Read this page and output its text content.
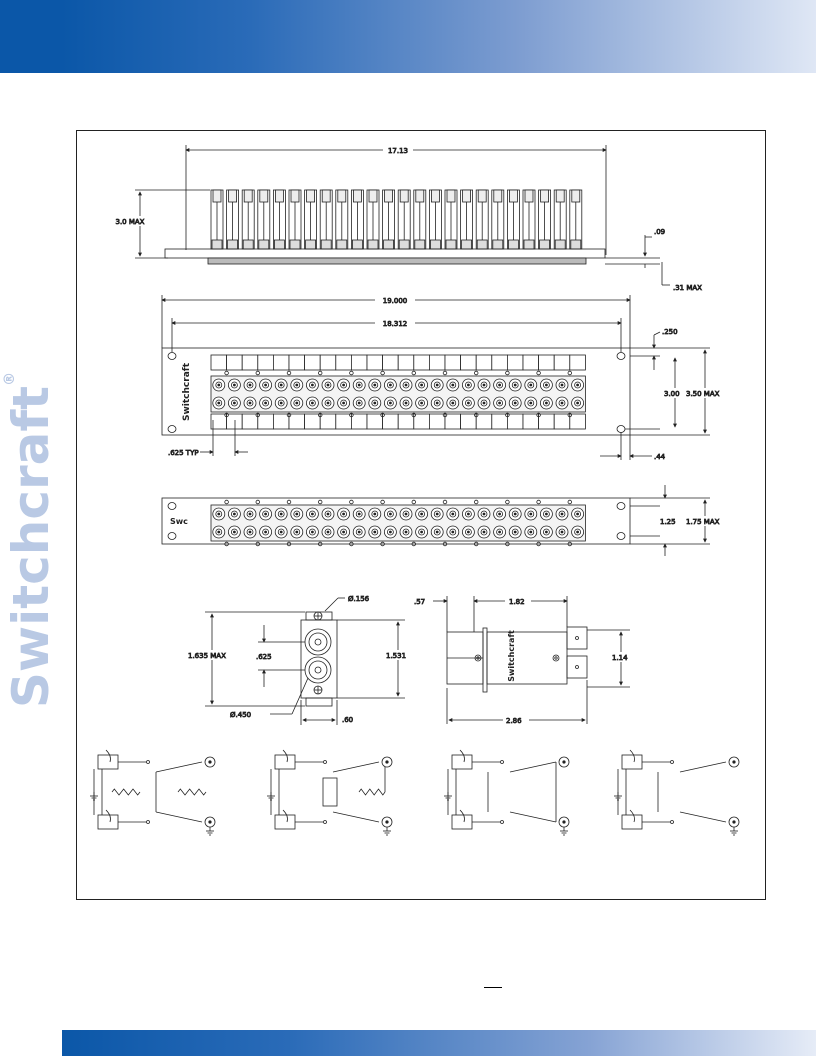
Switchcraft®
17.13
3.0 MAX
.09
.31 MAX
Switchcraft
19.000
18.312
.250
3.00 3.50 MAX
.625 TYP	.44
Swc	1.25 1.75 MAX
Ø.156
1.635 MAX	.625	1.531
Ø.450
.60
Switchcraft
1.82
.57
1.14
2.86
